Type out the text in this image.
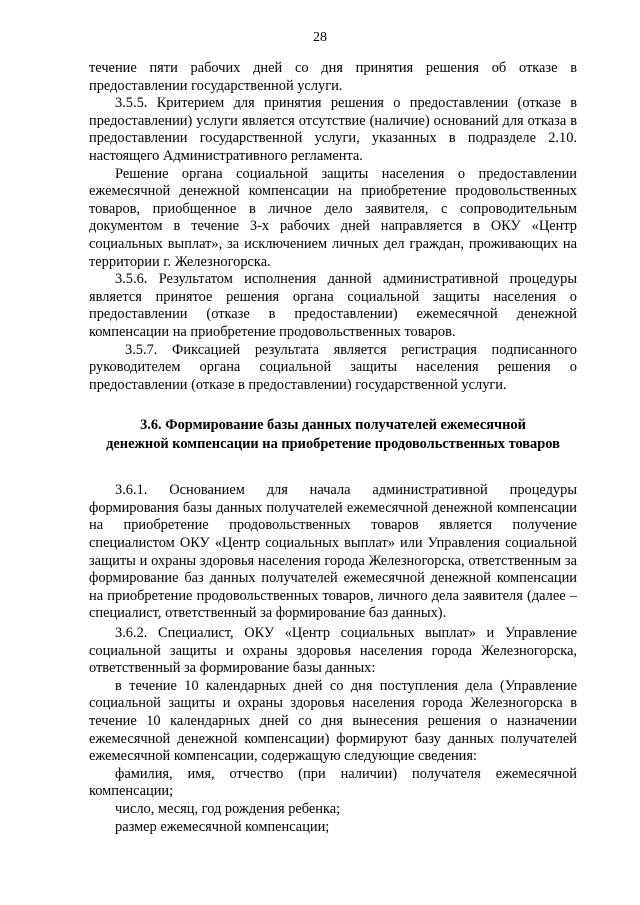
28

течение пяти рабочих дней со дня принятия решения об отказе в предоставлении государственной услуги.

3.5.5. Критерием для принятия решения о предоставлении (отказе в предоставлении) услуги является отсутствие (наличие) оснований для отказа в предоставлении государственной услуги, указанных в подразделе 2.10. настоящего Административного регламента.

Решение органа социальной защиты населения о предоставлении ежемесячной денежной компенсации на приобретение продовольственных товаров, приобщенное в личное дело заявителя, с сопроводительным документом в течение 3-х рабочих дней направляется в ОКУ «Центр социальных выплат», за исключением личных дел граждан, проживающих на территории г. Железногорска.

3.5.6. Результатом исполнения данной административной процедуры является принятое решения органа социальной защиты населения о предоставлении (отказе в предоставлении) ежемесячной денежной компенсации на приобретение продовольственных товаров.

3.5.7. Фиксацией результата является регистрация подписанного руководителем органа социальной защиты населения решения о предоставлении (отказе в предоставлении) государственной услуги.

3.6. Формирование базы данных получателей ежемесячной
денежной компенсации на приобретение продовольственных товаров

3.6.1. Основанием для начала административной процедуры формирования базы данных получателей ежемесячной денежной компенсации на приобретение продовольственных товаров является получение специалистом ОКУ «Центр социальных выплат» или Управления социальной защиты и охраны здоровья населения города Железногорска, ответственным за формирование баз данных получателей ежемесячной денежной компенсации на приобретение продовольственных товаров, личного дела заявителя (далее – специалист, ответственный за формирование баз данных).

3.6.2. Специалист, ОКУ «Центр социальных выплат» и Управление социальной защиты и охраны здоровья населения города Железногорска, ответственный за формирование базы данных:

в течение 10 календарных дней со дня поступления дела (Управление социальной защиты и охраны здоровья населения города Железногорска в течение 10 календарных дней со дня вынесения решения о назначении ежемесячной денежной компенсации) формируют базу данных получателей ежемесячной компенсации, содержащую следующие сведения:

фамилия, имя, отчество (при наличии) получателя ежемесячной компенсации;

число, месяц, год рождения ребенка;

размер ежемесячной компенсации;
